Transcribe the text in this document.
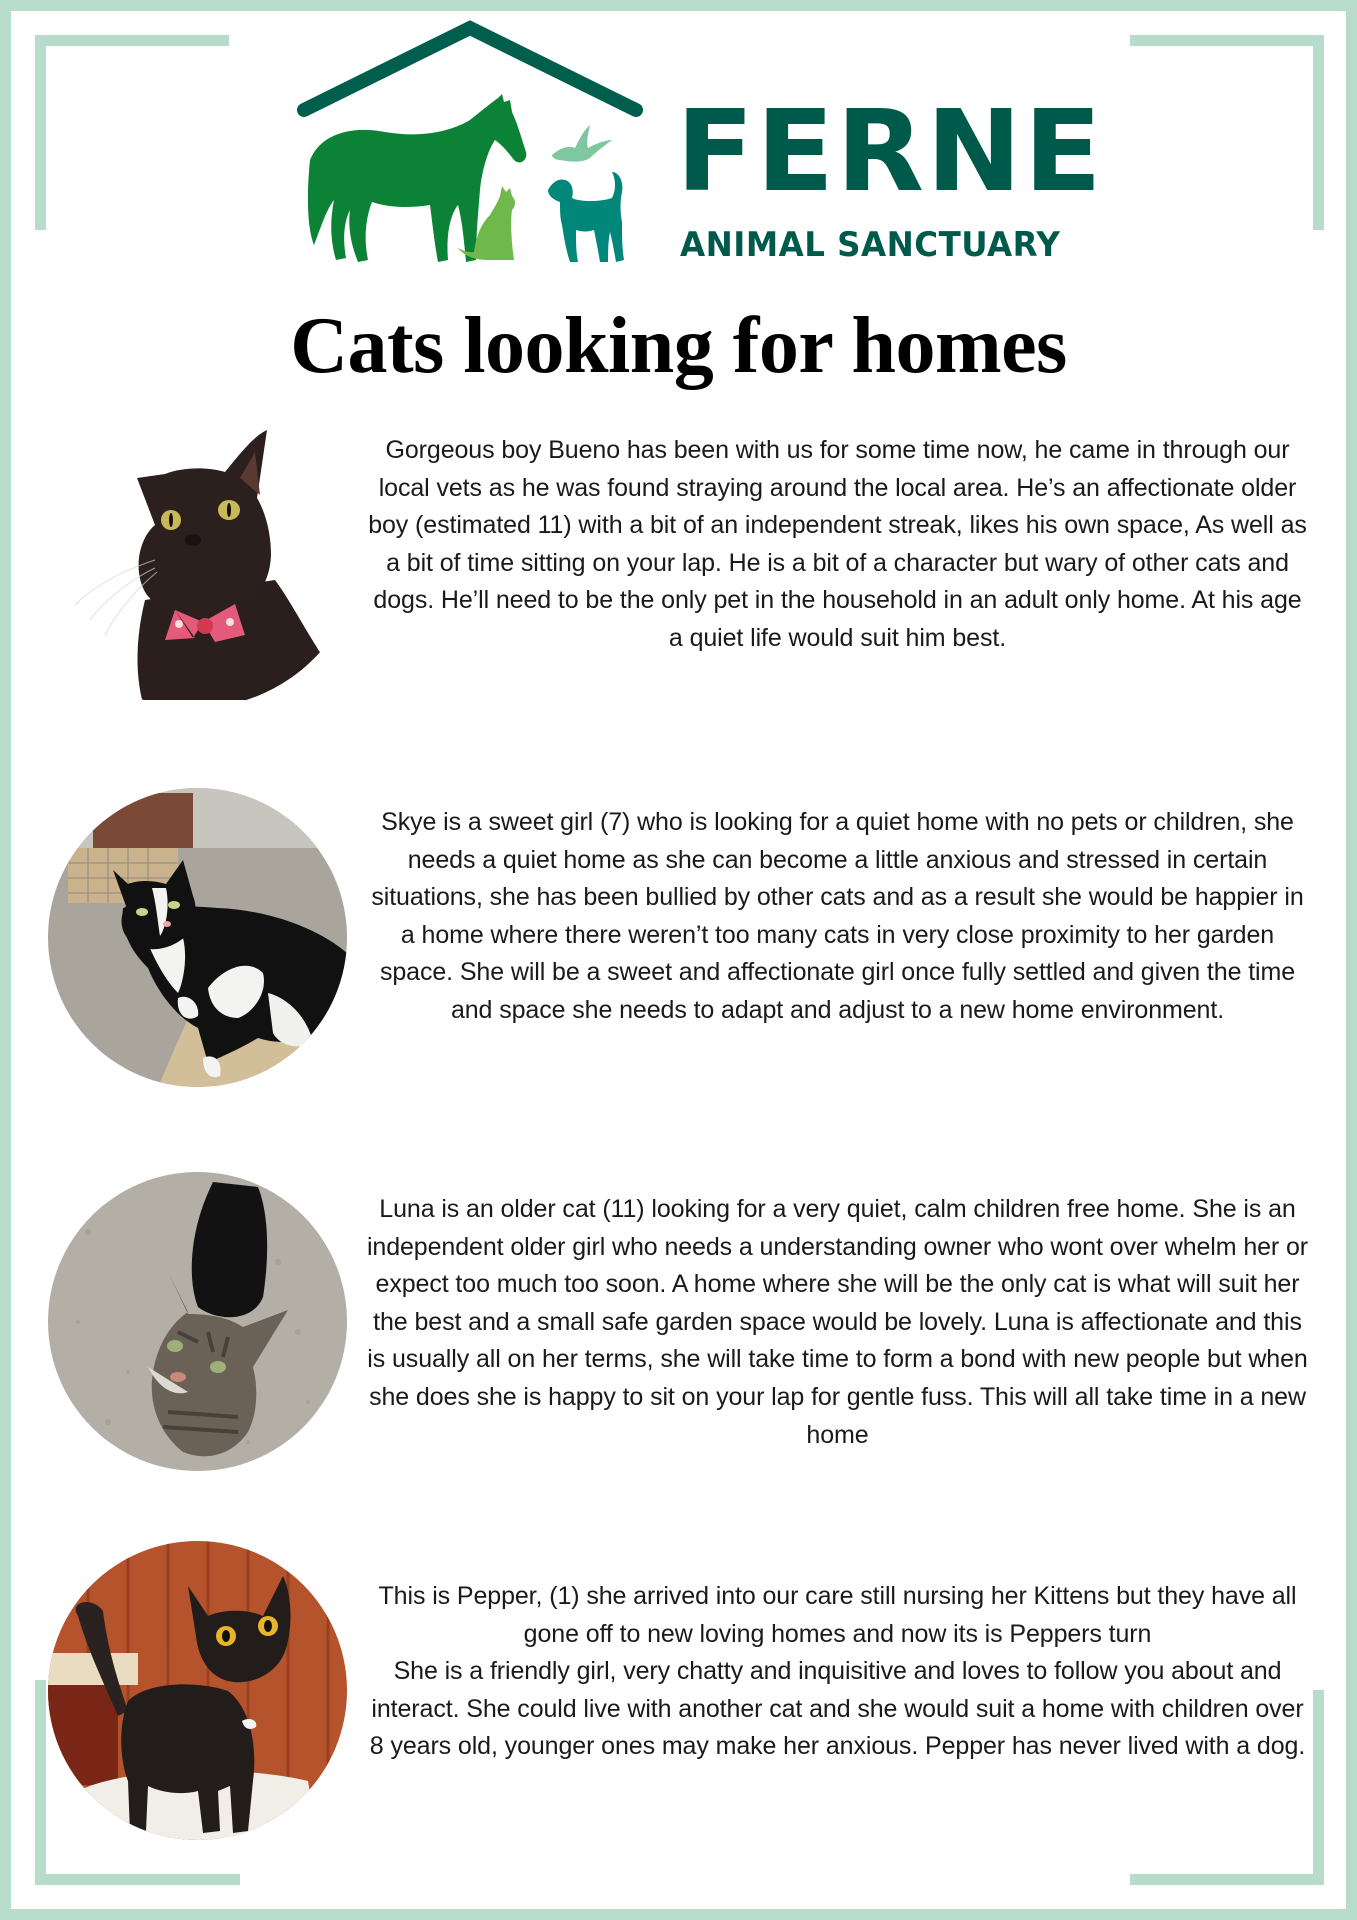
FERNE
ANIMAL SANCTUARY
Cats looking for homes

Gorgeous boy Bueno has been with us for some time now, he came in through our local vets as he was found straying around the local area. He’s an affectionate older boy (estimated 11) with a bit of an independent streak, likes his own space, As well as a bit of time sitting on your lap. He is a bit of a character but wary of other cats and dogs. He’ll need to be the only pet in the household in an adult only home. At his age a quiet life would suit him best.

Skye is a sweet girl (7) who is looking for a quiet home with no pets or children, she needs a quiet home as she can become a little anxious and stressed in certain situations, she has been bullied by other cats and as a result she would be happier in a home where there weren’t too many cats in very close proximity to her garden space. She will be a sweet and affectionate girl once fully settled and given the time and space she needs to adapt and adjust to a new home environment.

Luna is an older cat (11) looking for a very quiet, calm children free home. She is an independent older girl who needs a understanding owner who wont over whelm her or expect too much too soon. A home where she will be the only cat is what will suit her the best and a small safe garden space would be lovely. Luna is affectionate and this is usually all on her terms, she will take time to form a bond with new people but when she does she is happy to sit on your lap for gentle fuss. This will all take time in a new home

This is Pepper, (1) she arrived into our care still nursing her Kittens but they have all gone off to new loving homes and now its is Peppers turn
She is a friendly girl, very chatty and inquisitive and loves to follow you about and interact. She could live with another cat and she would suit a home with children over 8 years old, younger ones may make her anxious. Pepper has never lived with a dog.
